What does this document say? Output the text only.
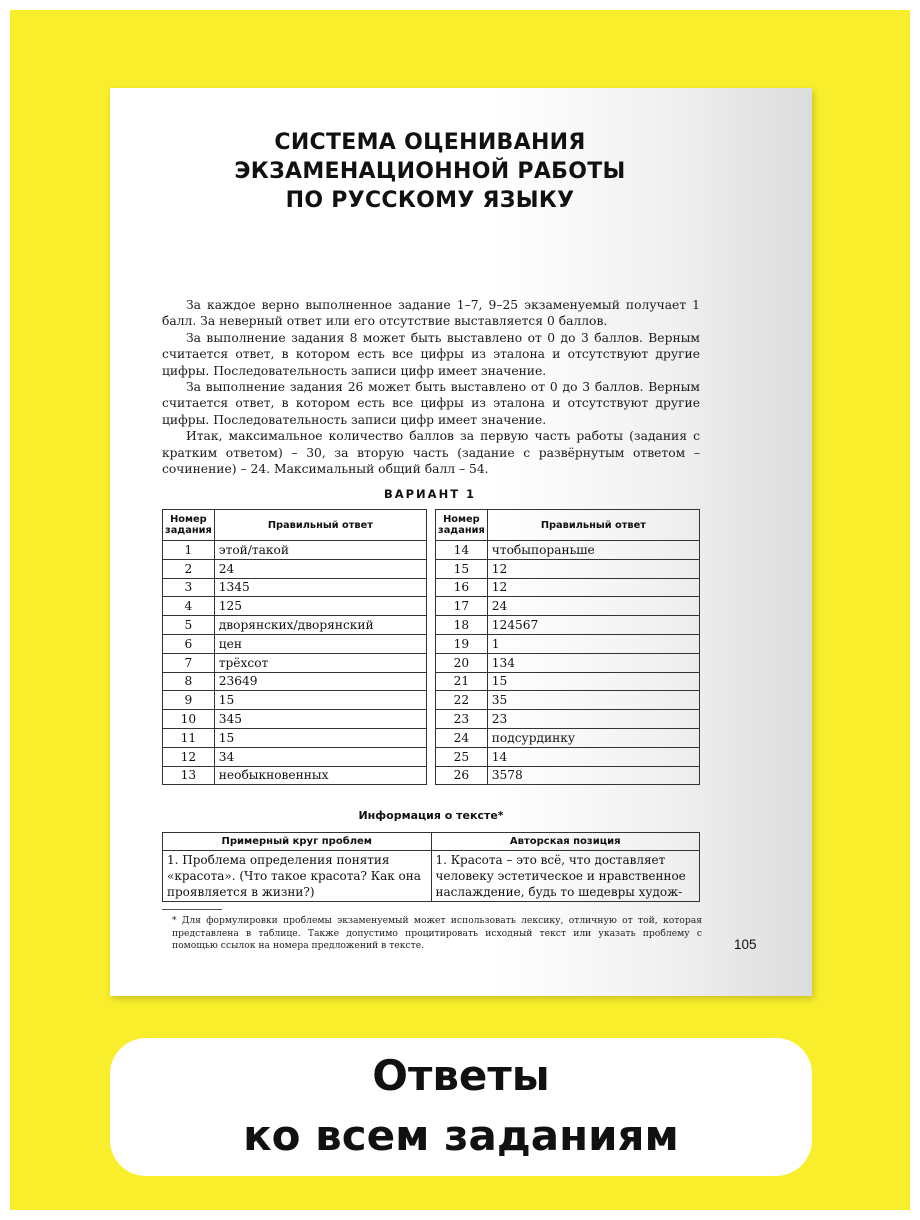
СИСТЕМА ОЦЕНИВАНИЯ
ЭКЗАМЕНАЦИОННОЙ РАБОТЫ
ПО РУССКОМУ ЯЗЫКУ

За каждое верно выполненное задание 1–7, 9–25 экзаменуемый получает 1 балл. За неверный ответ или его отсутствие выставляется 0 баллов.

За выполнение задания 8 может быть выставлено от 0 до 3 баллов. Верным считается ответ, в котором есть все цифры из эталона и отсутствуют другие цифры. Последовательность записи цифр имеет значение.

За выполнение задания 26 может быть выставлено от 0 до 3 баллов. Верным считается ответ, в котором есть все цифры из эталона и отсутствуют другие цифры. Последовательность записи цифр имеет значение.

Итак, максимальное количество баллов за первую часть работы (задания с кратким ответом) – 30, за вторую часть (задание с развёрнутым ответом – сочинение) – 24. Максимальный общий балл – 54.

ВАРИАНТ 1
Номер
задания	Правильный ответ
1	этой/такой
2	24
3	1345
4	125
5	дворянских/дворянский
6	цен
7	трёхсот
8	23649
9	15
10	345
11	15
12	34
13	необыкновенных
Номер
задания	Правильный ответ
14	чтобыпораньше
15	12
16	12
17	24
18	124567
19	1
20	134
21	15
22	35
23	23
24	подсурдинку
25	14
26	3578
Информация о тексте*
Примерный круг проблем	Авторская позиция

1. Проблема определения понятия «красота». (Что такое красота? Как она проявляется в жизни?)	1. Красота – это всё, что доставляет человеку эстетическое и нравственное наслаждение, будь то шедевры худож-
* Для формулировки проблемы экзаменуемый может использовать лексику, отличную от той, которая представлена в таблице. Также допустимо процитировать исходный текст или указать проблему с помощью ссылок на номера предложений в тексте.	105
Ответы
ко всем заданиям
